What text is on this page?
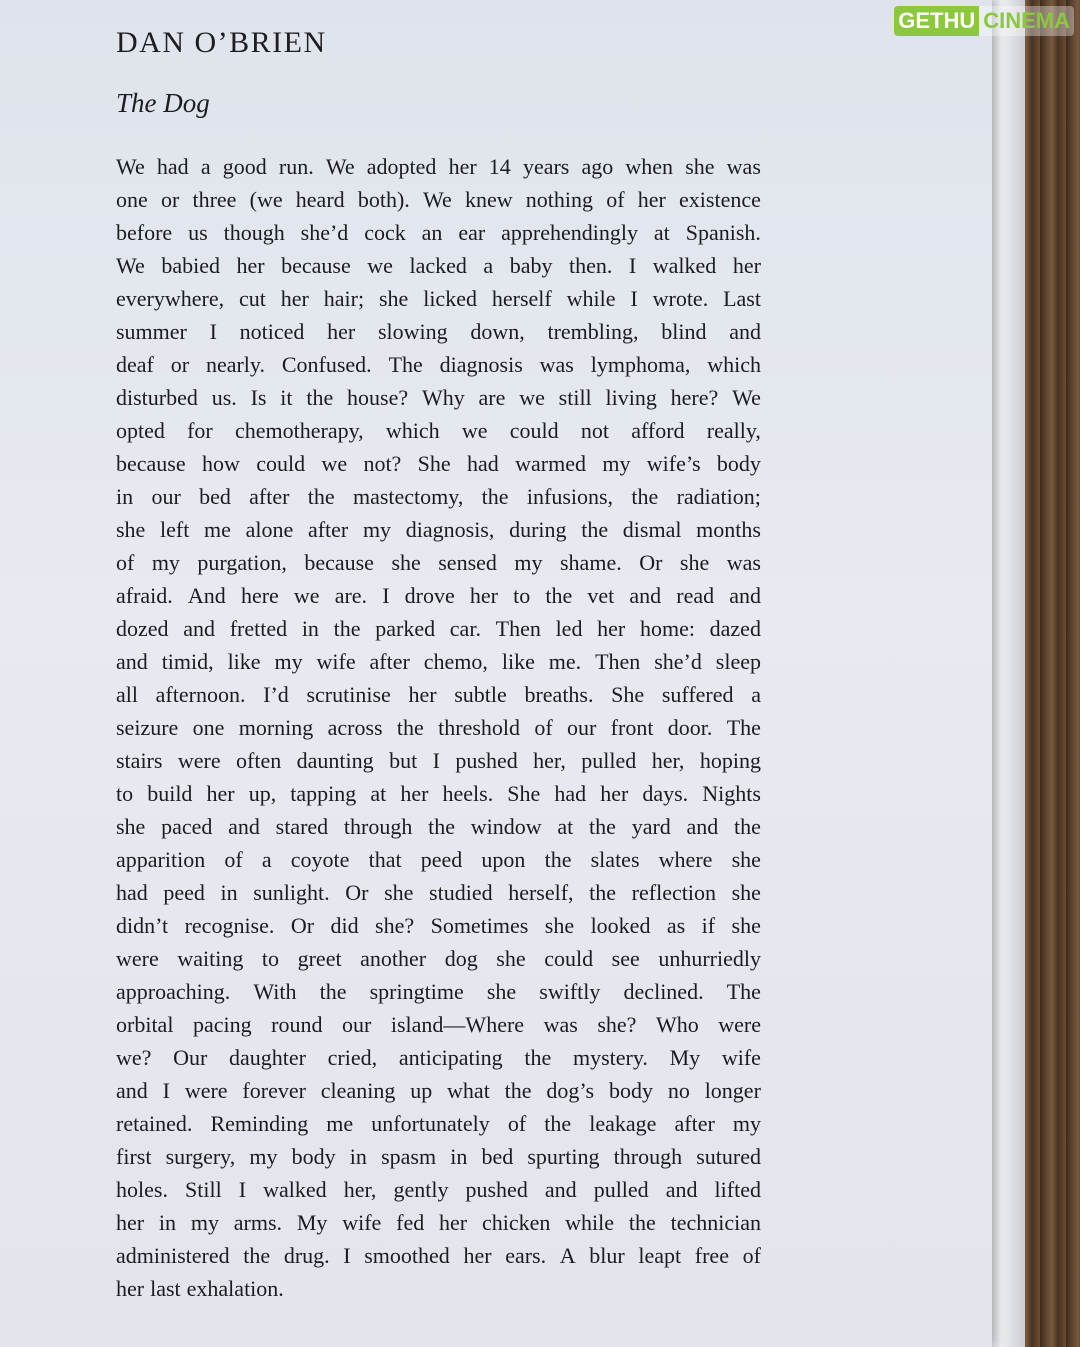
DAN O’BRIEN
The Dog
We had a good run. We adopted her 14 years ago when she was
one or three (we heard both). We knew nothing of her existence
before us though she’d cock an ear apprehendingly at Spanish.
We babied her because we lacked a baby then. I walked her
everywhere, cut her hair; she licked herself while I wrote. Last
summer I noticed her slowing down, trembling, blind and
deaf or nearly. Confused. The diagnosis was lymphoma, which
disturbed us. Is it the house? Why are we still living here? We
opted for chemotherapy, which we could not afford really,
because how could we not? She had warmed my wife’s body
in our bed after the mastectomy, the infusions, the radiation;
she left me alone after my diagnosis, during the dismal months
of my purgation, because she sensed my shame. Or she was
afraid. And here we are. I drove her to the vet and read and
dozed and fretted in the parked car. Then led her home: dazed
and timid, like my wife after chemo, like me. Then she’d sleep
all afternoon. I’d scrutinise her subtle breaths. She suffered a
seizure one morning across the threshold of our front door. The
stairs were often daunting but I pushed her, pulled her, hoping
to build her up, tapping at her heels. She had her days. Nights
she paced and stared through the window at the yard and the
apparition of a coyote that peed upon the slates where she
had peed in sunlight. Or she studied herself, the reflection she
didn’t recognise. Or did she? Sometimes she looked as if she
were waiting to greet another dog she could see unhurriedly
approaching. With the springtime she swiftly declined. The
orbital pacing round our island—Where was she? Who were
we? Our daughter cried, anticipating the mystery. My wife
and I were forever cleaning up what the dog’s body no longer
retained. Reminding me unfortunately of the leakage after my
first surgery, my body in spasm in bed spurting through sutured
holes. Still I walked her, gently pushed and pulled and lifted
her in my arms. My wife fed her chicken while the technician
administered the drug. I smoothed her ears. A blur leapt free of
her last exhalation.
GETHU CINEMA
